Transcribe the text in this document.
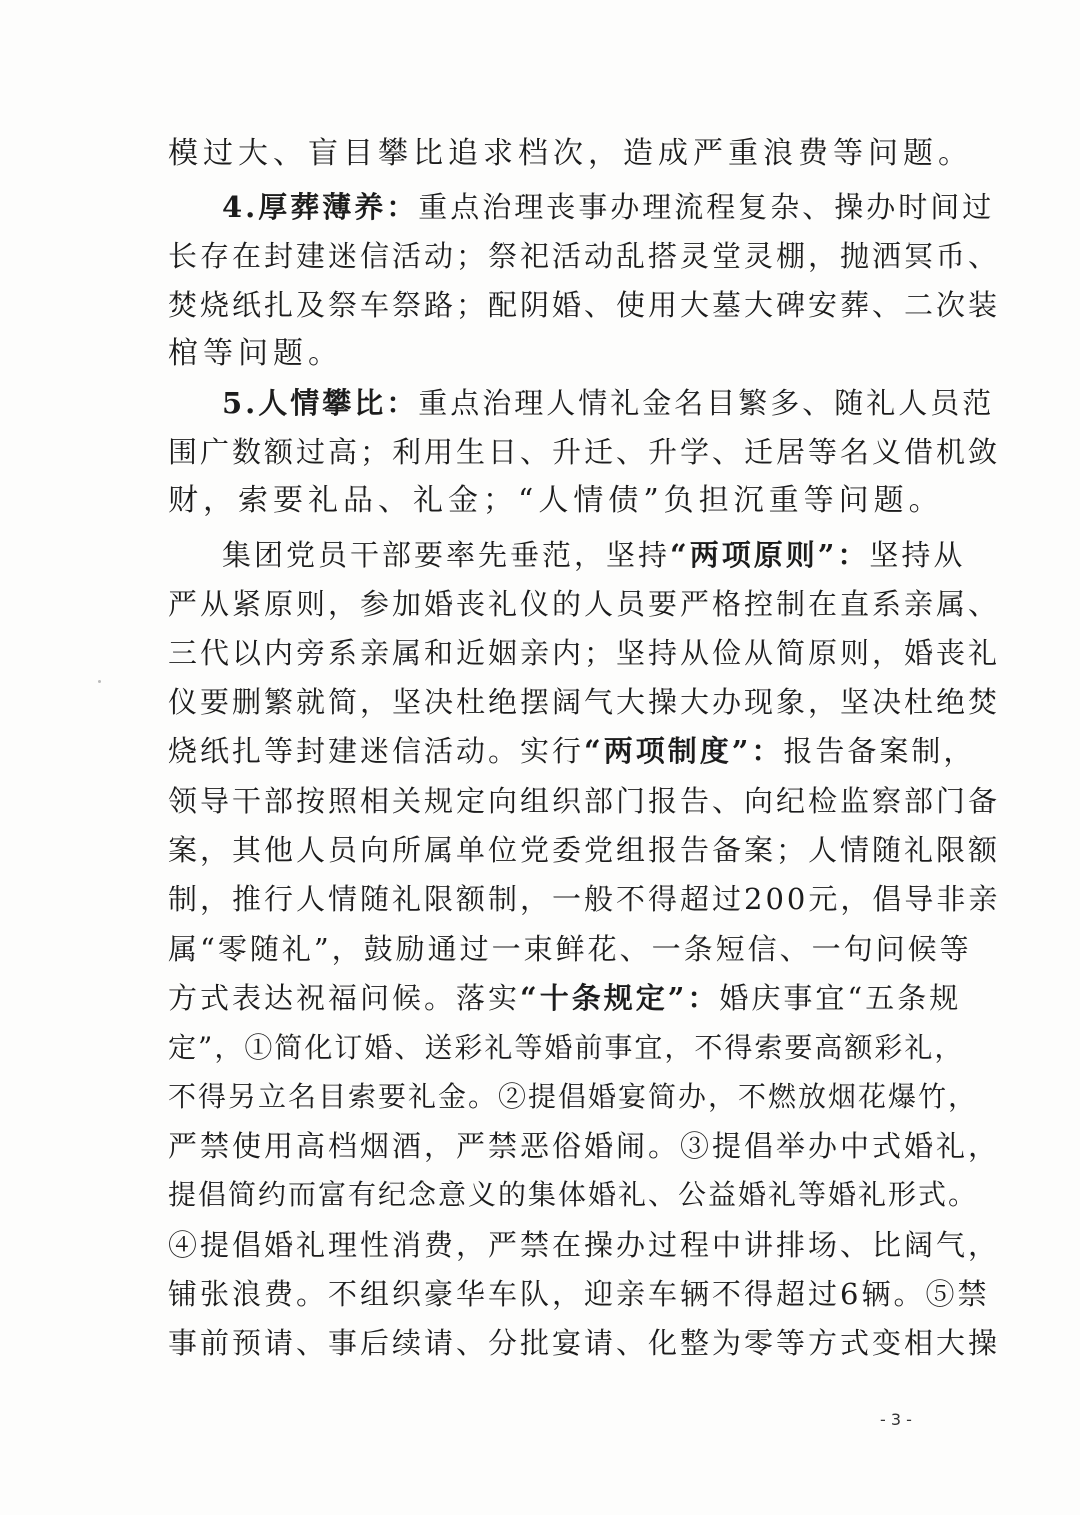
模过大、盲目攀比追求档次，造成严重浪费等问题。
4.厚葬薄养：重点治理丧事办理流程复杂、操办时间过
长存在封建迷信活动；祭祀活动乱搭灵堂灵棚，抛洒冥币、
焚烧纸扎及祭车祭路；配阴婚、使用大墓大碑安葬、二次装
棺等问题。
5.人情攀比：重点治理人情礼金名目繁多、随礼人员范
围广数额过高；利用生日、升迁、升学、迁居等名义借机敛
财，索要礼品、礼金；“人情债”负担沉重等问题。
集团党员干部要率先垂范，坚持“两项原则”：坚持从
严从紧原则，参加婚丧礼仪的人员要严格控制在直系亲属、
三代以内旁系亲属和近姻亲内；坚持从俭从简原则，婚丧礼
仪要删繁就简，坚决杜绝摆阔气大操大办现象，坚决杜绝焚
烧纸扎等封建迷信活动。实行“两项制度”：报告备案制，
领导干部按照相关规定向组织部门报告、向纪检监察部门备
案，其他人员向所属单位党委党组报告备案；人情随礼限额
制，推行人情随礼限额制，一般不得超过200元，倡导非亲
属“零随礼”，鼓励通过一束鲜花、一条短信、一句问候等
方式表达祝福问候。落实“十条规定”：婚庆事宜“五条规
定”，①简化订婚、送彩礼等婚前事宜，不得索要高额彩礼，
不得另立名目索要礼金。②提倡婚宴简办，不燃放烟花爆竹，
严禁使用高档烟酒，严禁恶俗婚闹。③提倡举办中式婚礼，
提倡简约而富有纪念意义的集体婚礼、公益婚礼等婚礼形式。
④提倡婚礼理性消费，严禁在操办过程中讲排场、比阔气，
铺张浪费。不组织豪华车队，迎亲车辆不得超过6辆。⑤禁
事前预请、事后续请、分批宴请、化整为零等方式变相大操
- 3 -
